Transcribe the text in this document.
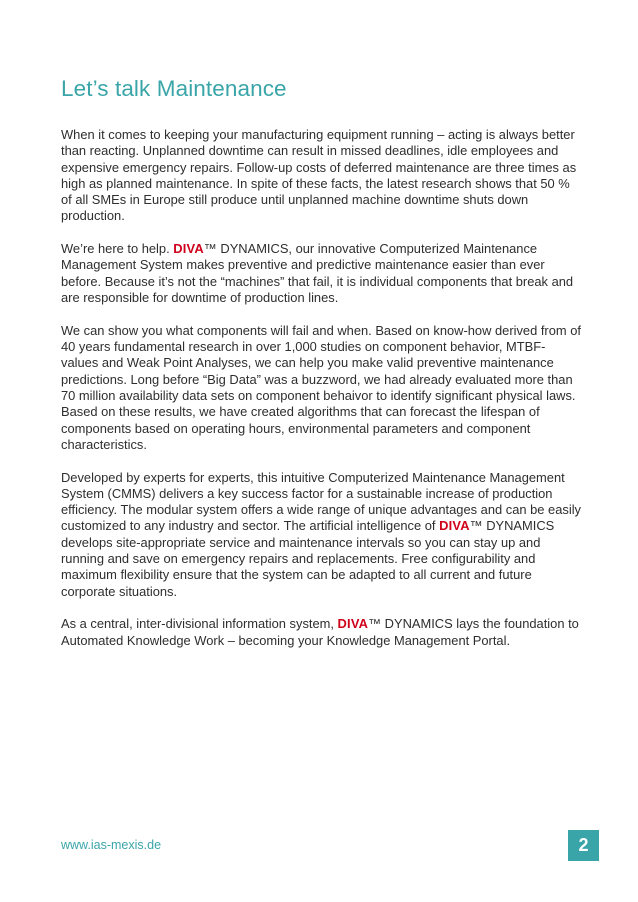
Let’s talk Maintenance

When it comes to keeping your manufacturing equipment running – acting is always better than reacting. Unplanned downtime can result in missed deadlines, idle employees and expensive emergency repairs. Follow-up costs of deferred maintenance are three times as high as planned maintenance. In spite of these facts, the latest research shows that 50 % of all SMEs in Europe still produce until unplanned machine downtime shuts down production.

We’re here to help. DIVA™ DYNAMICS, our innovative Computerized Maintenance Management System makes preventive and predictive maintenance easier than ever before. Because it’s not the “machines” that fail, it is individual components that break and are responsible for downtime of production lines.

We can show you what components will fail and when. Based on know-how derived from of 40 years fundamental research in over 1,000 studies on component behavior, MTBF-values and Weak Point Analyses, we can help you make valid preventive maintenance predictions. Long before “Big Data” was a buzzword, we had already evaluated more than 70 million availability data sets on component behaivor to identify significant physical laws. Based on these results, we have created algorithms that can forecast the lifespan of components based on operating hours, environmental parameters and component characteristics.

Developed by experts for experts, this intuitive Computerized Maintenance Management System (CMMS) delivers a key success factor for a sustainable increase of production efficiency. The modular system offers a wide range of unique advantages and can be easily customized to any industry and sector. The artificial intelligence of DIVA™ DYNAMICS develops site-appropriate service and maintenance intervals so you can stay up and running and save on emergency repairs and replacements. Free configurability and maximum flexibility ensure that the system can be adapted to all current and future corporate situations.

As a central, inter-divisional information system, DIVA™ DYNAMICS lays the foundation to Automated Knowledge Work – becoming your Knowledge Management Portal.

www.ias-mexis.de	2
